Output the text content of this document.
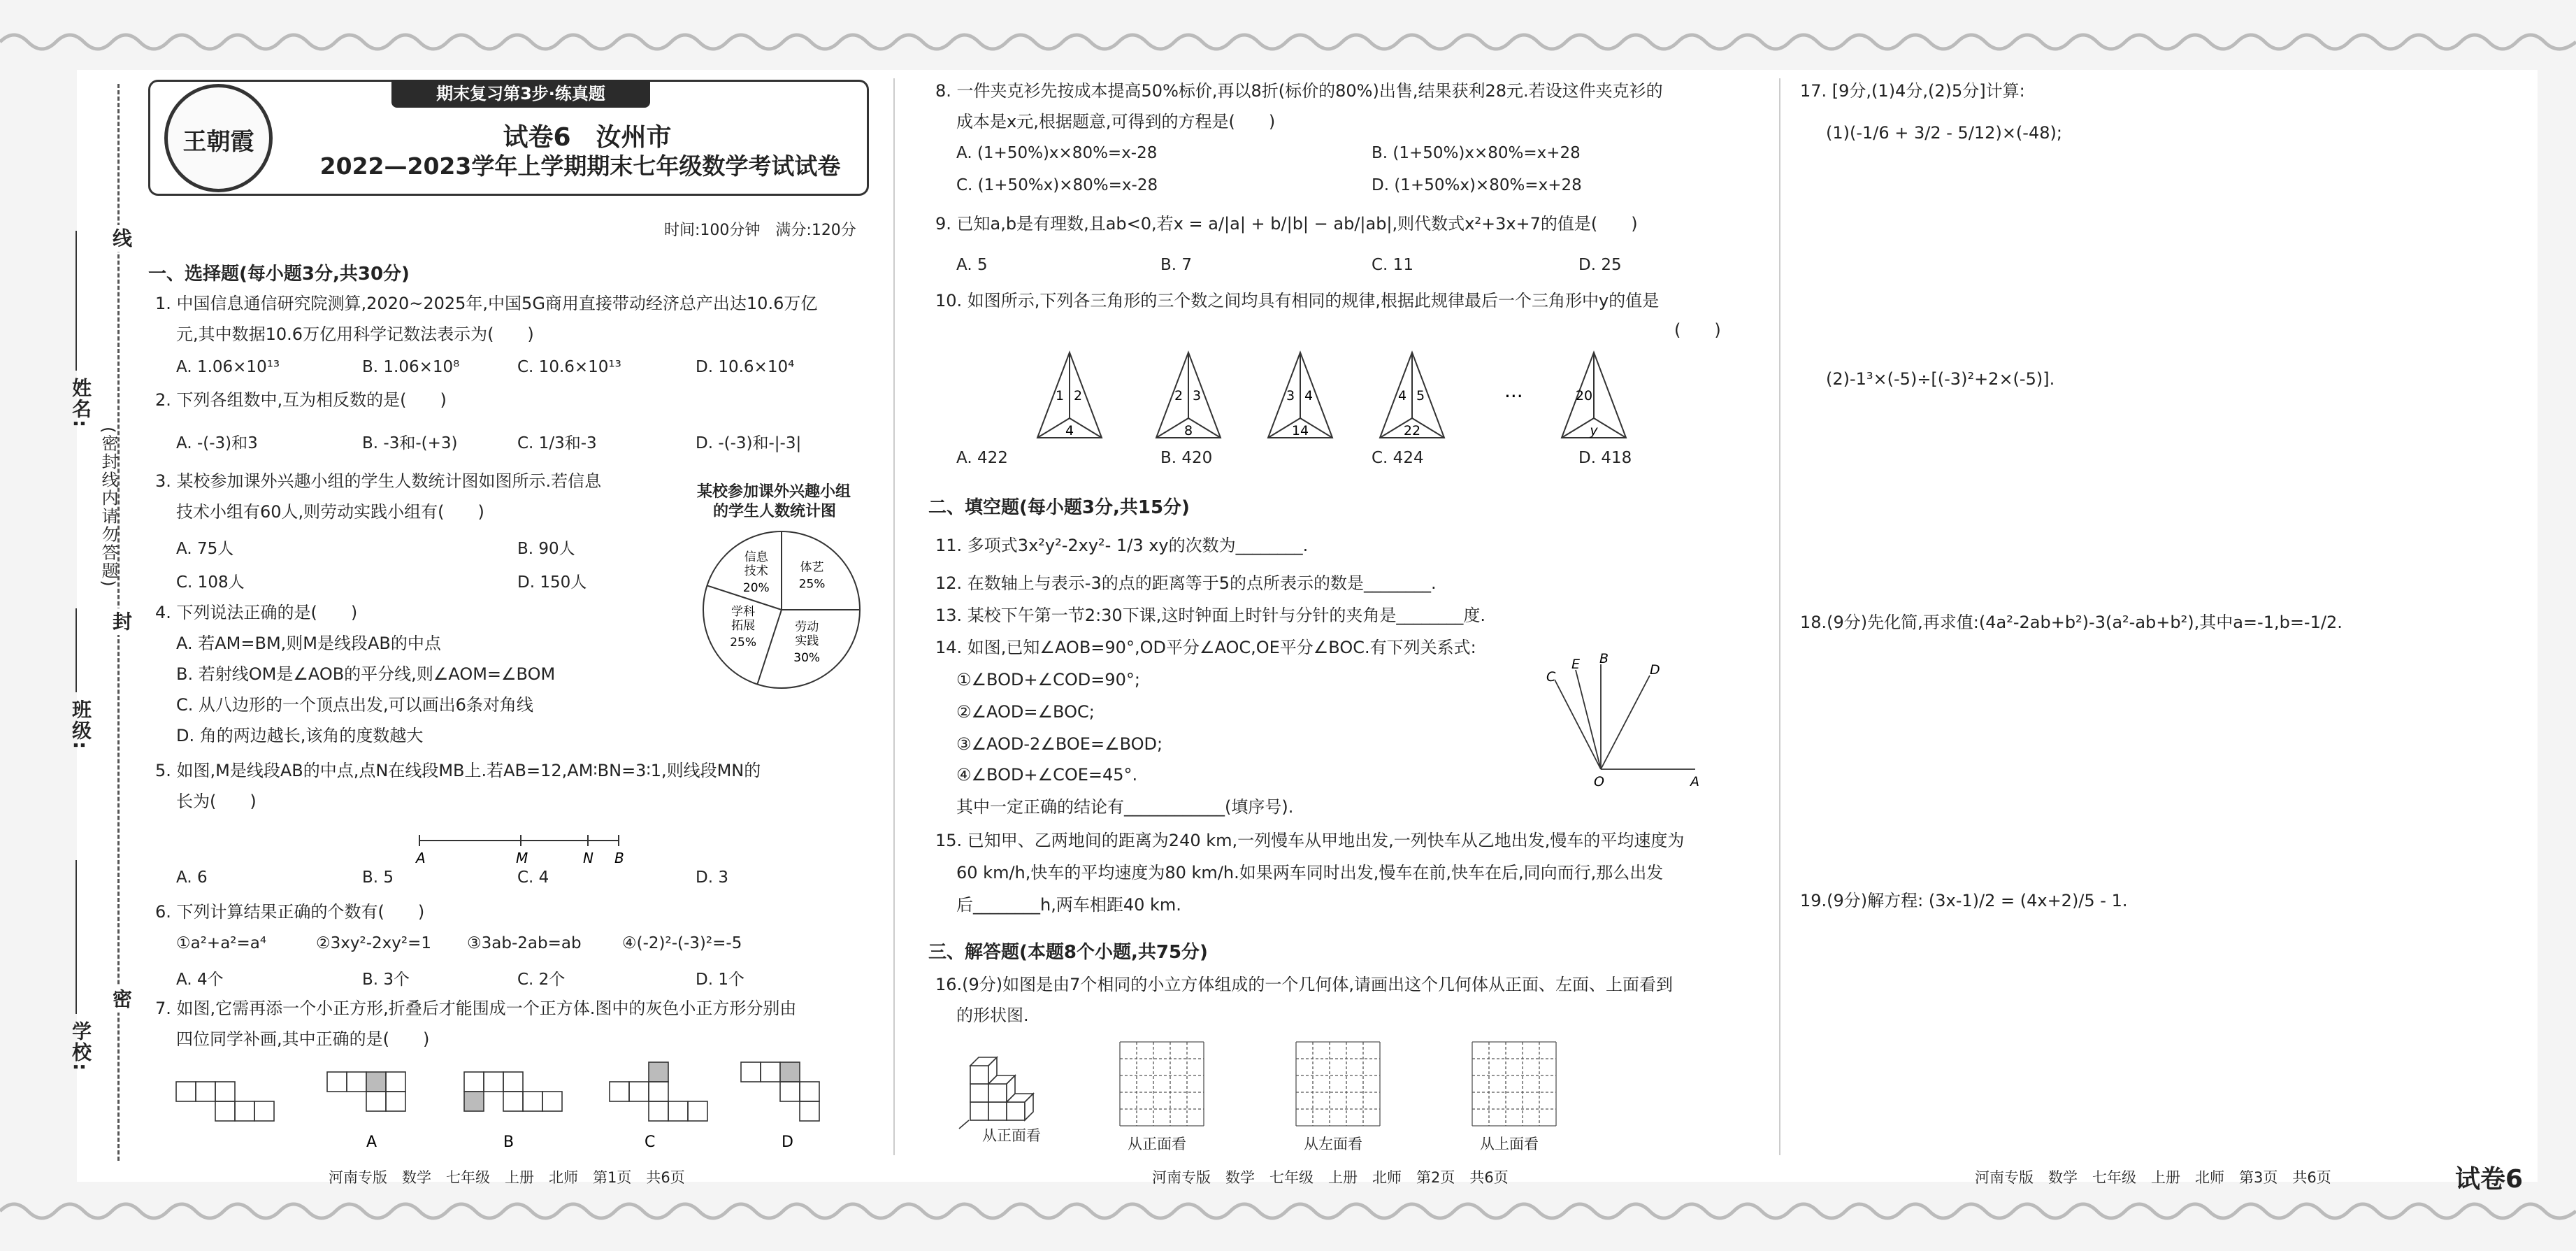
线
封
密
姓名:
(密封线内请勿答题)
班级:
学校:
期末复习第3步·练真题
王朝霞	试卷6　汝州市
2022—2023学年上学期期末七年级数学考试试卷
时间:100分钟　满分:120分
一、选择题(每小题3分,共30分)
1. 中国信息通信研究院测算,2020~2025年,中国5G商用直接带动经济总产出达10.6万亿
元,其中数据10.6万亿用科学记数法表示为(　　)
A. 1.06×10¹³	B. 1.06×10⁸	C. 10.6×10¹³	D. 10.6×10⁴
2. 下列各组数中,互为相反数的是(　　)
A. -(-3)和3	B. -3和-(+3)	C. 1/3和-3	D. -(-3)和-|-3|
3. 某校参加课外兴趣小组的学生人数统计图如图所示.若信息
技术小组有60人,则劳动实践小组有(　　)
A. 75人	B. 90人
C. 108人	D. 150人
某校参加课外兴趣小组
的学生人数统计图
信息
技术
20%
体艺
25%
劳动
实践
30%
学科
拓展
25%
4. 下列说法正确的是(　　)
A. 若AM=BM,则M是线段AB的中点
B. 若射线OM是∠AOB的平分线,则∠AOM=∠BOM
C. 从八边形的一个顶点出发,可以画出6条对角线
D. 角的两边越长,该角的度数越大
5. 如图,M是线段AB的中点,点N在线段MB上.若AB=12,AM∶BN=3∶1,则线段MN的
长为(　　)
A	M	N B
A. 6	B. 5	C. 4	D. 3
6. 下列计算结果正确的个数有(　　)
①a²+a²=a⁴	②3xy²-2xy²=1 ③3ab-2ab=ab	④(-2)²-(-3)²=-5
A. 4个	B. 3个	C. 2个	D. 1个
7. 如图,它需再添一个小正方形,折叠后才能围成一个正方体.图中的灰色小正方形分别由
四位同学补画,其中正确的是(　　)
A	B	C	D
河南专版　数学　七年级　上册　北师　第1页　共6页
8. 一件夹克衫先按成本提高50%标价,再以8折(标价的80%)出售,结果获利28元.若设这件夹克衫的
成本是x元,根据题意,可得到的方程是(　　)
A. (1+50%)x×80%=x-28	B. (1+50%)x×80%=x+28
C. (1+50%x)×80%=x-28	D. (1+50%x)×80%=x+28
9. 已知a,b是有理数,且ab<0,若x = a/|a| + b/|b| − ab/|ab|,则代数式x²+3x+7的值是(　　)
A. 5	B. 7	C. 11	D. 25
10. 如图所示,下列各三角形的三个数之间均具有相同的规律,根据此规律最后一个三角形中y的值是
(　　)
1 2
4
2 3
8
3 4
14
4 5
22
20
y
···
A. 422	B. 420	C. 424	D. 418
二、填空题(每小题3分,共15分)
11. 多项式3x²y²-2xy²- 1/3 xy的次数为________.
12. 在数轴上与表示-3的点的距离等于5的点所表示的数是________.
13. 某校下午第一节2:30下课,这时钟面上时针与分针的夹角是________度.
14. 如图,已知∠AOB=90°,OD平分∠AOC,OE平分∠BOC.有下列关系式:
①∠BOD+∠COD=90°;
②∠AOD=∠BOC;
③∠AOD-2∠BOE=∠BOD;
④∠BOD+∠COE=45°.
其中一定正确的结论有____________(填序号).
C
E B
D
O	A
15. 已知甲、乙两地间的距离为240 km,一列慢车从甲地出发,一列快车从乙地出发,慢车的平均速度为
60 km/h,快车的平均速度为80 km/h.如果两车同时出发,慢车在前,快车在后,同向而行,那么出发
后________h,两车相距40 km.
三、解答题(本题8个小题,共75分)
16.(9分)如图是由7个相同的小立方体组成的一个几何体,请画出这个几何体从正面、左面、上面看到
的形状图.
从正面看	从正面看	从左面看	从上面看
河南专版　数学　七年级　上册　北师　第2页　共6页
17. [9分,(1)4分,(2)5分]计算:
(1)(-1/6 + 3/2 - 5/12)×(-48);
(2)-1³×(-5)÷[(-3)²+2×(-5)].
18.(9分)先化简,再求值:(4a²-2ab+b²)-3(a²-ab+b²),其中a=-1,b=-1/2.
19.(9分)解方程: (3x-1)/2 = (4x+2)/5 - 1.
河南专版　数学　七年级　上册　北师　第3页　共6页	试卷6
